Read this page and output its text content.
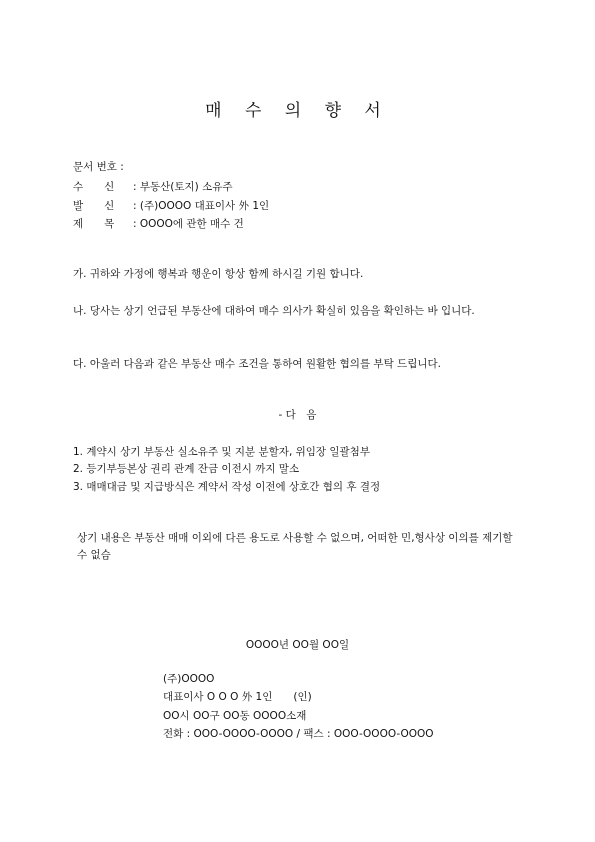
매 수 의 향 서
문서 번호 :
수　　신 : 부동산(토지) 소유주
발　　신 : (주)OOOO 대표이사 外 1인
제　　목 : OOOO에 관한 매수 건
가. 귀하와 가정에 행복과 행운이 항상 함께 하시길 기원 합니다.
나. 당사는 상기 언급된 부동산에 대하여 매수 의사가 확실히 있음을 확인하는 바 입니다.
다. 아울러 다음과 같은 부동산 매수 조건을 통하여 원활한 협의를 부탁 드립니다.
- 다　음
1. 계약시 상기 부동산 실소유주 및 지분 분할자, 위임장 일괄첨부
2. 등기부등본상 권리 관계 잔금 이전시 까지 말소
3. 매매대금 및 지급방식은 계약서 작성 이전에 상호간 협의 후 결정
상기 내용은 부동산 매매 이외에 다른 용도로 사용할 수 없으며, 어떠한 민,형사상 이의를 제기할 수 없슴
OOOO년 OO월 OO일
(주)OOOO
대표이사 O O O 外 1인　　(인)
OO시 OO구 OO동 OOOO소재
전화 : OOO-OOOO-OOOO / 팩스 : OOO-OOOO-OOOO
